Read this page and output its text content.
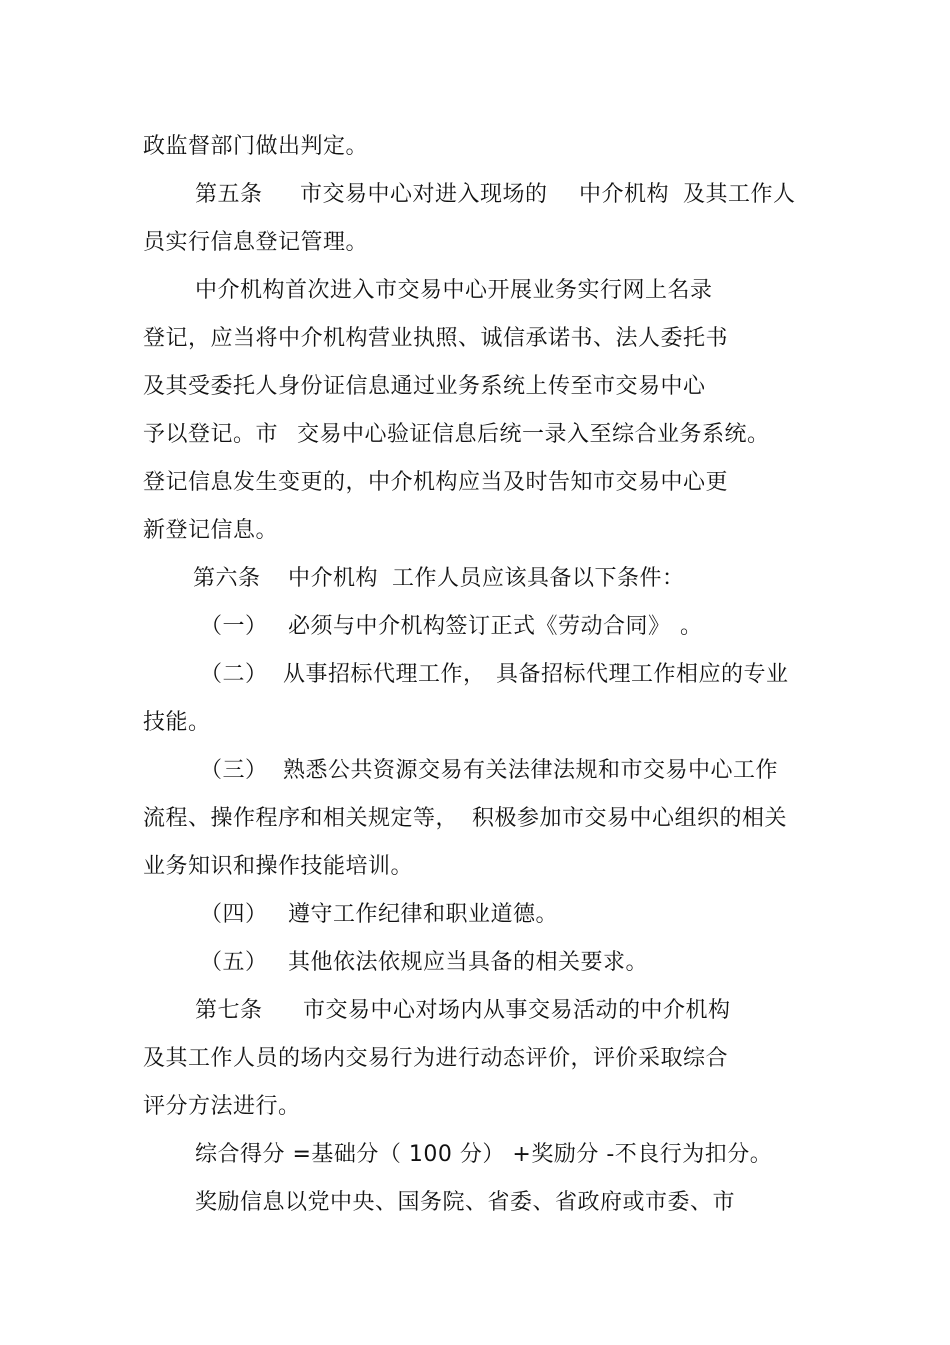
政监督部门做出判定。
第五条 市交易中心对进入现场的 中介机构 及其工作人
员实行信息登记管理。
中介机构首次进入市交易中心开展业务实行网上名录
登记，应当将中介机构营业执照、诚信承诺书、法人委托书
及其受委托人身份证信息通过业务系统上传至市交易中心
予以登记。市 交易中心验证信息后统一录入至综合业务系统。
登记信息发生变更的，中介机构应当及时告知市交易中心更
新登记信息。
第六条 中介机构 工作人员应该具备以下条件：
（一） 必须与中介机构签订正式《劳动合同》 。
（二） 从事招标代理工作， 具备招标代理工作相应的专业
技能。
（三） 熟悉公共资源交易有关法律法规和市交易中心工作
流程、操作程序和相关规定等， 积极参加市交易中心组织的相关
业务知识和操作技能培训。
（四） 遵守工作纪律和职业道德。
（五） 其他依法依规应当具备的相关要求。
第七条 市交易中心对场内从事交易活动的中介机构
及其工作人员的场内交易行为进行动态评价，评价采取综合
评分方法进行。
综合得分 =基础分（ 100 分） +奖励分 -不良行为扣分。
奖励信息以党中央、国务院、省委、省政府或市委、市
